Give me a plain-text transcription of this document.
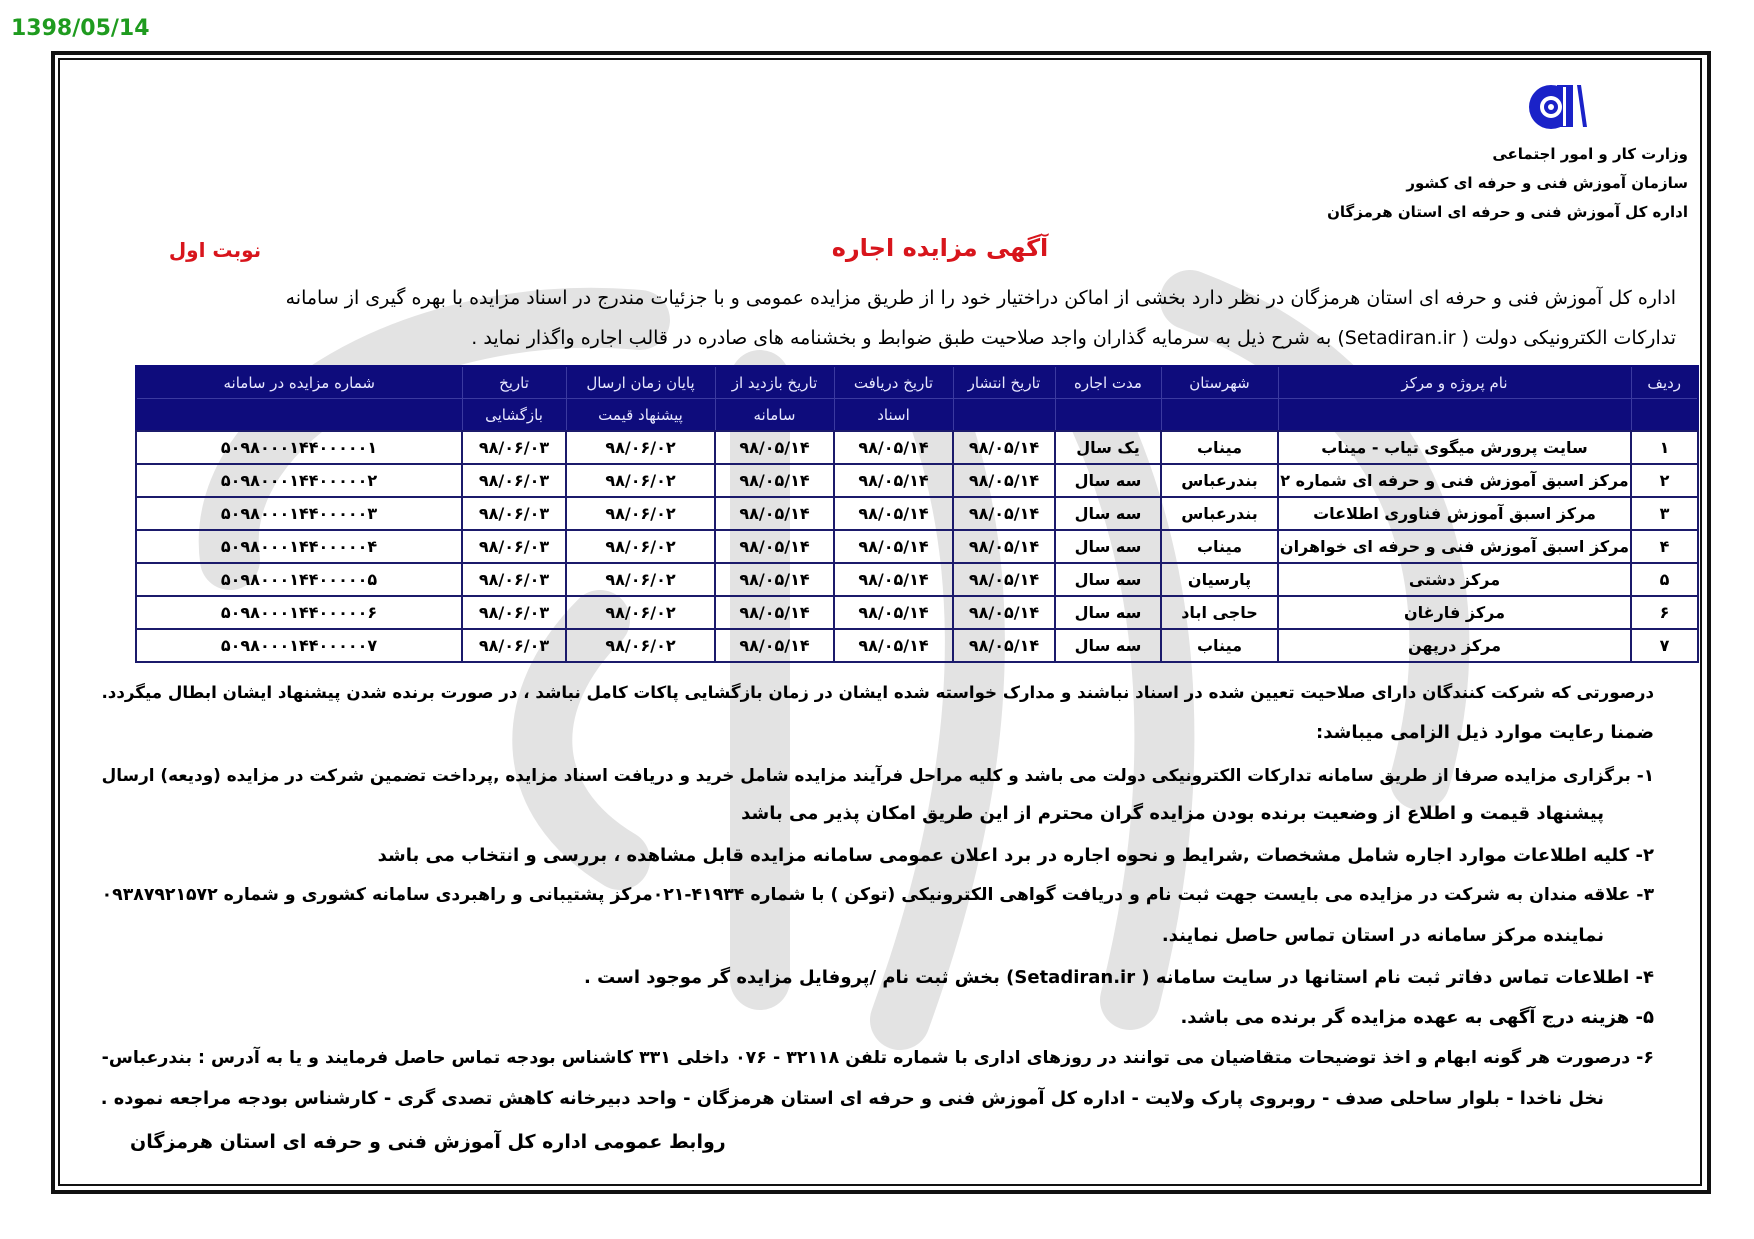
1398/05/14
وزارت کار و امور اجتماعی
سازمان آموزش فنی و حرفه ای کشور
اداره کل آموزش فنی و حرفه ای استان هرمزگان
آگهی مزایده اجاره
نوبت اول
اداره کل آموزش فنی و حرفه ای استان هرمزگان در نظر دارد بخشی از اماکن دراختیار خود را از طریق مزایده عمومی و با جزئیات مندرج در اسناد مزایده با بهره گیری از سامانه
تدارکات الکترونیکی دولت ( Setadiran.ir) به شرح ذیل به سرمایه گذاران واجد صلاحیت طبق ضوابط و بخشنامه های صادره در قالب اجاره واگذار نماید .
ردیف	نام پروژه و مرکز	شهرستان	مدت اجاره	تاریخ انتشار	تاریخ دریافت	تاریخ بازدید از	پایان زمان ارسال	تاریخ	شماره مزایده در سامانه
					اسناد	سامانه	پیشنهاد قیمت	بازگشایی	
۱	سایت پرورش میگوی تیاب - میناب	میناب	یک سال	۹۸/۰۵/۱۴	۹۸/۰۵/۱۴	۹۸/۰۵/۱۴	۹۸/۰۶/۰۲	۹۸/۰۶/۰۳	۵۰۹۸۰۰۰۱۴۴۰۰۰۰۰۱
۲	مرکز اسبق آموزش فنی و حرفه ای شماره ۲	بندرعباس	سه سال	۹۸/۰۵/۱۴	۹۸/۰۵/۱۴	۹۸/۰۵/۱۴	۹۸/۰۶/۰۲	۹۸/۰۶/۰۳	۵۰۹۸۰۰۰۱۴۴۰۰۰۰۰۲
۳	مرکز اسبق آموزش فناوری اطلاعات	بندرعباس	سه سال	۹۸/۰۵/۱۴	۹۸/۰۵/۱۴	۹۸/۰۵/۱۴	۹۸/۰۶/۰۲	۹۸/۰۶/۰۳	۵۰۹۸۰۰۰۱۴۴۰۰۰۰۰۳
۴	مرکز اسبق آموزش فنی و حرفه ای خواهران	میناب	سه سال	۹۸/۰۵/۱۴	۹۸/۰۵/۱۴	۹۸/۰۵/۱۴	۹۸/۰۶/۰۲	۹۸/۰۶/۰۳	۵۰۹۸۰۰۰۱۴۴۰۰۰۰۰۴
۵	مرکز دشتی	پارسیان	سه سال	۹۸/۰۵/۱۴	۹۸/۰۵/۱۴	۹۸/۰۵/۱۴	۹۸/۰۶/۰۲	۹۸/۰۶/۰۳	۵۰۹۸۰۰۰۱۴۴۰۰۰۰۰۵
۶	مرکز فارغان	حاجی اباد	سه سال	۹۸/۰۵/۱۴	۹۸/۰۵/۱۴	۹۸/۰۵/۱۴	۹۸/۰۶/۰۲	۹۸/۰۶/۰۳	۵۰۹۸۰۰۰۱۴۴۰۰۰۰۰۶
۷	مرکز درپهن	میناب	سه سال	۹۸/۰۵/۱۴	۹۸/۰۵/۱۴	۹۸/۰۵/۱۴	۹۸/۰۶/۰۲	۹۸/۰۶/۰۳	۵۰۹۸۰۰۰۱۴۴۰۰۰۰۰۷
درصورتی که شرکت کنندگان دارای صلاحیت تعیین شده در اسناد نباشند و مدارک خواسته شده ایشان در زمان بازگشایی پاکات کامل نباشد ، در صورت برنده شدن پیشنهاد ایشان ابطال میگردد.
ضمنا رعایت موارد ذیل الزامی میباشد:
۱- برگزاری مزایده صرفا از طریق سامانه تدارکات الکترونیکی دولت می باشد و کلیه مراحل فرآیند مزایده شامل خرید و دریافت اسناد مزایده ,پرداخت تضمین شرکت در مزایده (ودیعه) ارسال
پیشنهاد قیمت و اطلاع از وضعیت برنده بودن مزایده گران محترم از این طریق امکان پذیر می باشد
۲- کلیه اطلاعات موارد اجاره شامل مشخصات ,شرایط و نحوه اجاره در برد اعلان عمومی سامانه مزایده قابل مشاهده ، بررسی و انتخاب می باشد
۳- علاقه مندان به شرکت در مزایده می بایست جهت ثبت نام و دریافت گواهی الکترونیکی (توکن ) با شماره ۴۱۹۳۴-۰۲۱مرکز پشتیبانی و راهبردی سامانه کشوری و شماره ۰۹۳۸۷۹۲۱۵۷۲
نماینده مرکز سامانه در استان تماس حاصل نمایند.
۴- اطلاعات تماس دفاتر ثبت نام استانها در سایت سامانه ( Setadiran.ir) بخش ثبت نام /پروفایل مزایده گر موجود است .
۵- هزینه درج آگهی به عهده مزایده گر برنده می باشد.
۶- درصورت هر گونه ابهام و اخذ توضیحات متقاضیان می توانند در روزهای اداری با شماره تلفن ۳۲۱۱۸ - ۰۷۶ داخلی ۳۳۱ کاشناس بودجه تماس حاصل فرمایند و یا به آدرس : بندرعباس-
نخل ناخدا - بلوار ساحلی صدف - روبروی پارک ولایت - اداره کل آموزش فنی و حرفه ای استان هرمزگان - واحد دبیرخانه کاهش تصدی گری - کارشناس بودجه مراجعه نموده .
روابط عمومی اداره کل آموزش فنی و حرفه ای استان هرمزگان
